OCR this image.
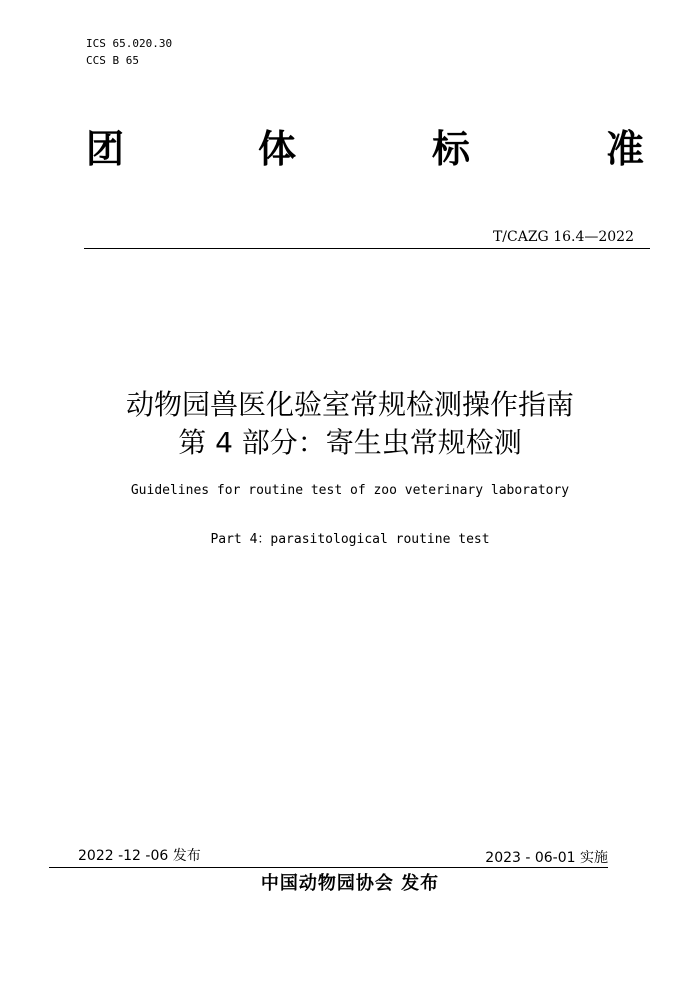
ICS 65.020.30
CCS B 65
团	体	标	准
T/CAZG 16.4—2022
动物园兽医化验室常规检测操作指南
第 4 部分：寄生虫常规检测
Guidelines for routine test of zoo veterinary laboratory
Part 4：parasitological routine test
2022 -12 -06 发布	2023 - 06-01 实施
中国动物园协会 发布
